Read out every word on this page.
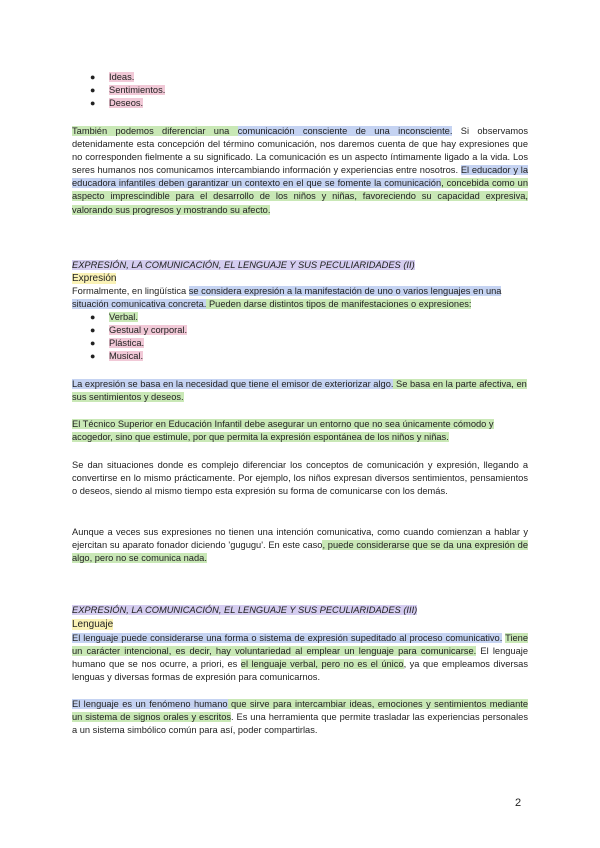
● Ideas.
● Sentimientos.
● Deseos.
También podemos diferenciar una comunicación consciente de una inconsciente. Si observamos detenidamente esta concepción del término comunicación, nos daremos cuenta de que hay expresiones que no corresponden fielmente a su significado. La comunicación es un aspecto íntimamente ligado a la vida. Los seres humanos nos comunicamos intercambiando información y experiencias entre nosotros. El educador y la educadora infantiles deben garantizar un contexto en el que se fomente la comunicación, concebida como un aspecto imprescindible para el desarrollo de los niños y niñas, favoreciendo su capacidad expresiva, valorando sus progresos y mostrando su afecto.
EXPRESIÓN, LA COMUNICACIÓN, EL LENGUAJE Y SUS PECULIARIDADES (II)
Expresión
Formalmente, en lingüística se considera expresión a la manifestación de uno o varios lenguajes en una situación comunicativa concreta. Pueden darse distintos tipos de manifestaciones o expresiones:
● Verbal.
● Gestual y corporal.
● Plástica.
● Musical.
La expresión se basa en la necesidad que tiene el emisor de exteriorizar algo. Se basa en la parte afectiva, en sus sentimientos y deseos.
El Técnico Superior en Educación Infantil debe asegurar un entorno que no sea únicamente cómodo y acogedor, sino que estimule, por que permita la expresión espontánea de los niños y niñas.
Se dan situaciones donde es complejo diferenciar los conceptos de comunicación y expresión, llegando a convertirse en lo mismo prácticamente. Por ejemplo, los niños expresan diversos sentimientos, pensamientos o deseos, siendo al mismo tiempo esta expresión su forma de comunicarse con los demás.
Aunque a veces sus expresiones no tienen una intención comunicativa, como cuando comienzan a hablar y ejercitan su aparato fonador diciendo 'gugugu'. En este caso, puede considerarse que se da una expresión de algo, pero no se comunica nada.
EXPRESIÓN, LA COMUNICACIÓN, EL LENGUAJE Y SUS PECULIARIDADES (III)
Lenguaje
El lenguaje puede considerarse una forma o sistema de expresión supeditado al proceso comunicativo. Tiene un carácter intencional, es decir, hay voluntariedad al emplear un lenguaje para comunicarse. El lenguaje humano que se nos ocurre, a priori, es el lenguaje verbal, pero no es el único, ya que empleamos diversas lenguas y diversas formas de expresión para comunicarnos.
El lenguaje es un fenómeno humano que sirve para intercambiar ideas, emociones y sentimientos mediante un sistema de signos orales y escritos. Es una herramienta que permite trasladar las experiencias personales a un sistema simbólico común para así, poder compartirlas.
2
